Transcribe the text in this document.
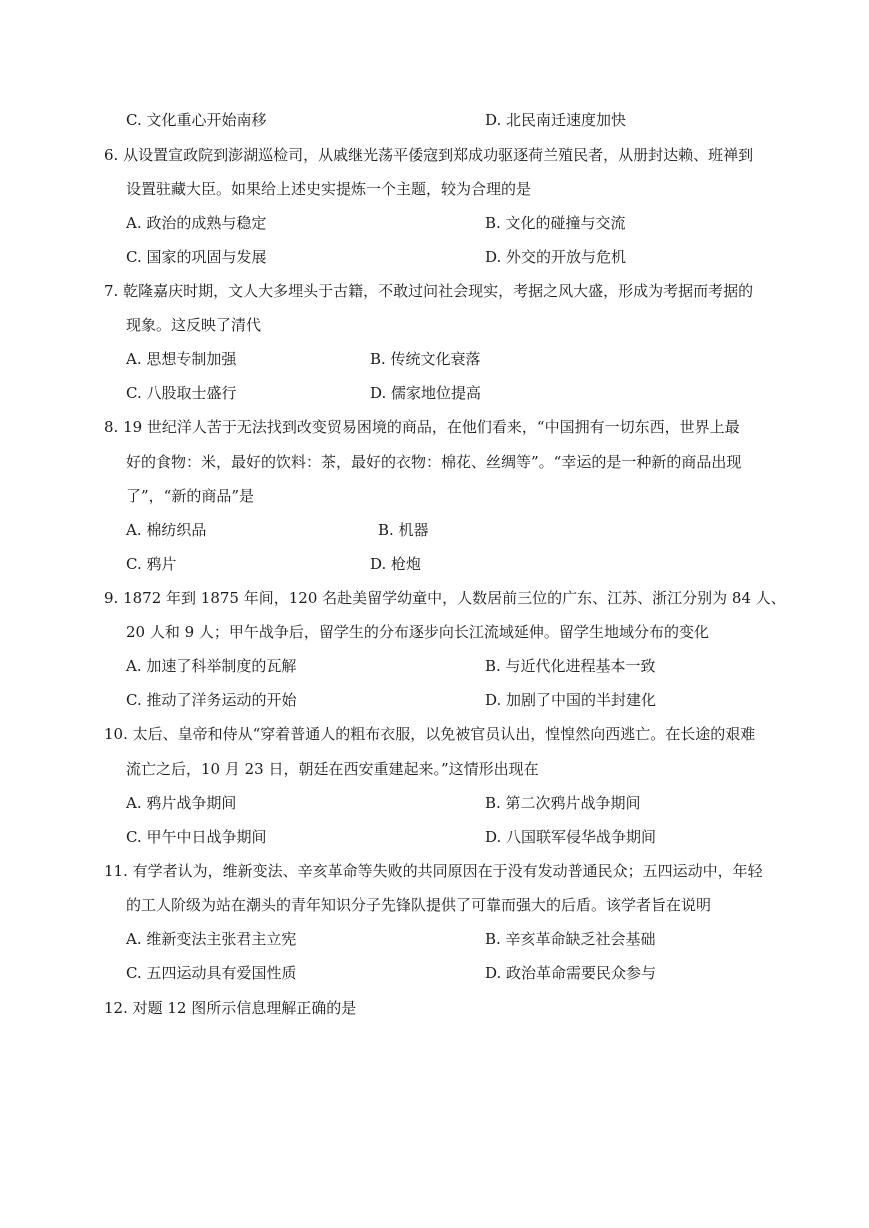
C. 文化重心开始南移	D. 北民南迁速度加快
6. 从设置宣政院到澎湖巡检司，从戚继光荡平倭寇到郑成功驱逐荷兰殖民者，从册封达赖、班禅到
设置驻藏大臣。如果给上述史实提炼一个主题，较为合理的是
A. 政治的成熟与稳定	B. 文化的碰撞与交流
C. 国家的巩固与发展	D. 外交的开放与危机
7. 乾隆嘉庆时期，文人大多埋头于古籍，不敢过问社会现实，考据之风大盛，形成为考据而考据的
现象。这反映了清代
A. 思想专制加强	B. 传统文化衰落
C. 八股取士盛行	D. 儒家地位提高
8. 19 世纪洋人苦于无法找到改变贸易困境的商品，在他们看来，“中国拥有一切东西，世界上最
好的食物：米，最好的饮料：茶，最好的衣物：棉花、丝绸等”。“幸运的是一种新的商品出现
了”，“新的商品”是
A. 棉纺织品	B. 机器
C. 鸦片	D. 枪炮
9. 1872 年到 1875 年间，120 名赴美留学幼童中，人数居前三位的广东、江苏、浙江分别为 84 人、
20 人和 9 人；甲午战争后，留学生的分布逐步向长江流域延伸。留学生地域分布的变化
A. 加速了科举制度的瓦解	B. 与近代化进程基本一致
C. 推动了洋务运动的开始	D. 加剧了中国的半封建化
10. 太后、皇帝和侍从“穿着普通人的粗布衣服，以免被官员认出，惶惶然向西逃亡。在长途的艰难
流亡之后，10 月 23 日，朝廷在西安重建起来。”这情形出现在
A. 鸦片战争期间	B. 第二次鸦片战争期间
C. 甲午中日战争期间	D. 八国联军侵华战争期间
11. 有学者认为，维新变法、辛亥革命等失败的共同原因在于没有发动普通民众；五四运动中，年轻
的工人阶级为站在潮头的青年知识分子先锋队提供了可靠而强大的后盾。该学者旨在说明
A. 维新变法主张君主立宪	B. 辛亥革命缺乏社会基础
C. 五四运动具有爱国性质	D. 政治革命需要民众参与
12. 对题 12 图所示信息理解正确的是
